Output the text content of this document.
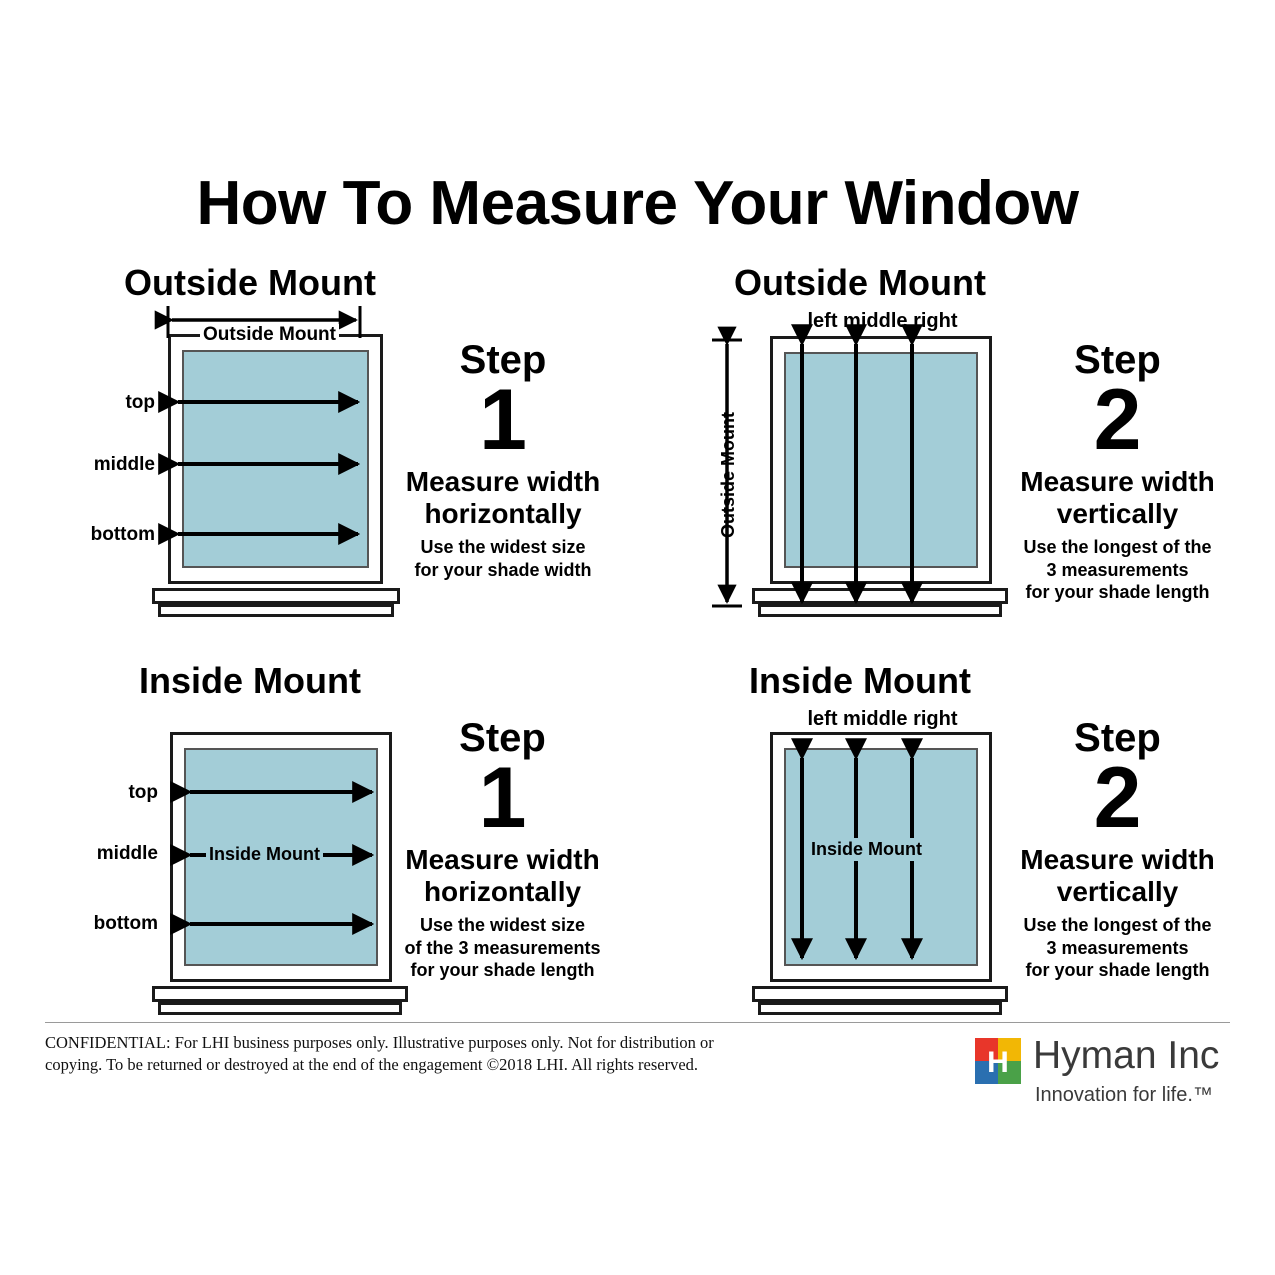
How To Measure Your Window
Outside Mount
Outside Mount
top
middle
bottom
Step
1
Measure width
horizontally
Use the widest size
for your shade width
Outside Mount
Outside Mount
left middle right
Step
2
Measure width
vertically
Use the longest of the
3 measurements
for your shade length
Inside Mount
Inside Mount
top
middle
bottom
Step
1
Measure width
horizontally
Use the widest size
of the 3 measurements
for your shade length
Inside Mount
Inside Mount
left middle right	Step
2
Measure width
vertically
Use the longest of the
3 measurements
for your shade length
CONFIDENTIAL: For LHI business purposes only. Illustrative purposes only. Not for distribution or
copying. To be returned or destroyed at the end of the engagement ©2018 LHI. All rights reserved.	H Hyman Inc
Innovation for life.™
